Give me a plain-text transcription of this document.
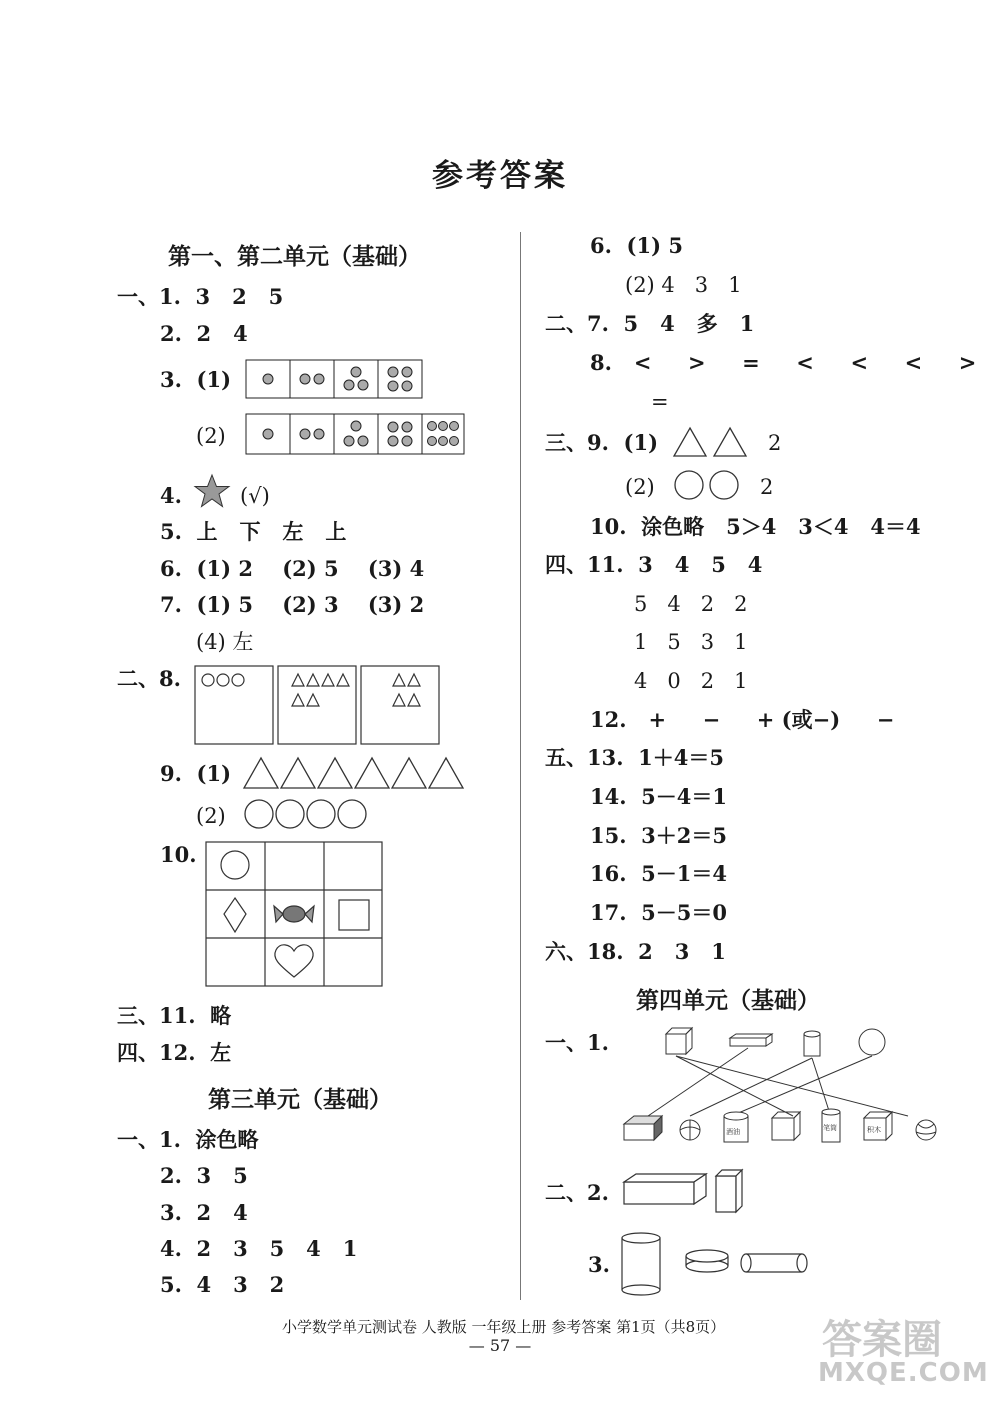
参考答案
第一、第二单元（基础）
一、1.  3   2   5
2.  2   4
3.  (1)
(2)
4.	(√)
5.  上   下   左   上
6.  (1) 2    (2) 5    (3) 4
7.  (1) 5    (2) 3    (3) 2
(4) 左
二、8.
9.  (1)
(2)
10.
三、11.  略
四、12.  左
第三单元（基础）
一、1.  涂色略
2.  3   5
3.  2   4
4.  2   3   5   4   1
5.  4   3   2
6.  (1) 5
(2) 4   3   1
二、7.  5   4   多   1
8.   <     >     =     <     <     <     >
=
三、9.  (1)	2
(2)	2
10.  涂色略   5＞4   3＜4   4＝4
四、11.  3   4   5   4
5   4   2   2
1   5   3   1
4   0   2   1
12.   +     −     + (或−)     −
五、13.  1＋4＝5
14.  5－4＝1
15.  3＋2＝5
16.  5－1＝4
17.  5－5＝0
六、18.  2   3   1
第四单元（基础）
一、1.
酒油	笔筒	积木
二、2.
3.
小学数学单元测试卷 人教版 一年级上册 参考答案 第1页（共8页）
— 57 —	答案圈
MXQE.COM
